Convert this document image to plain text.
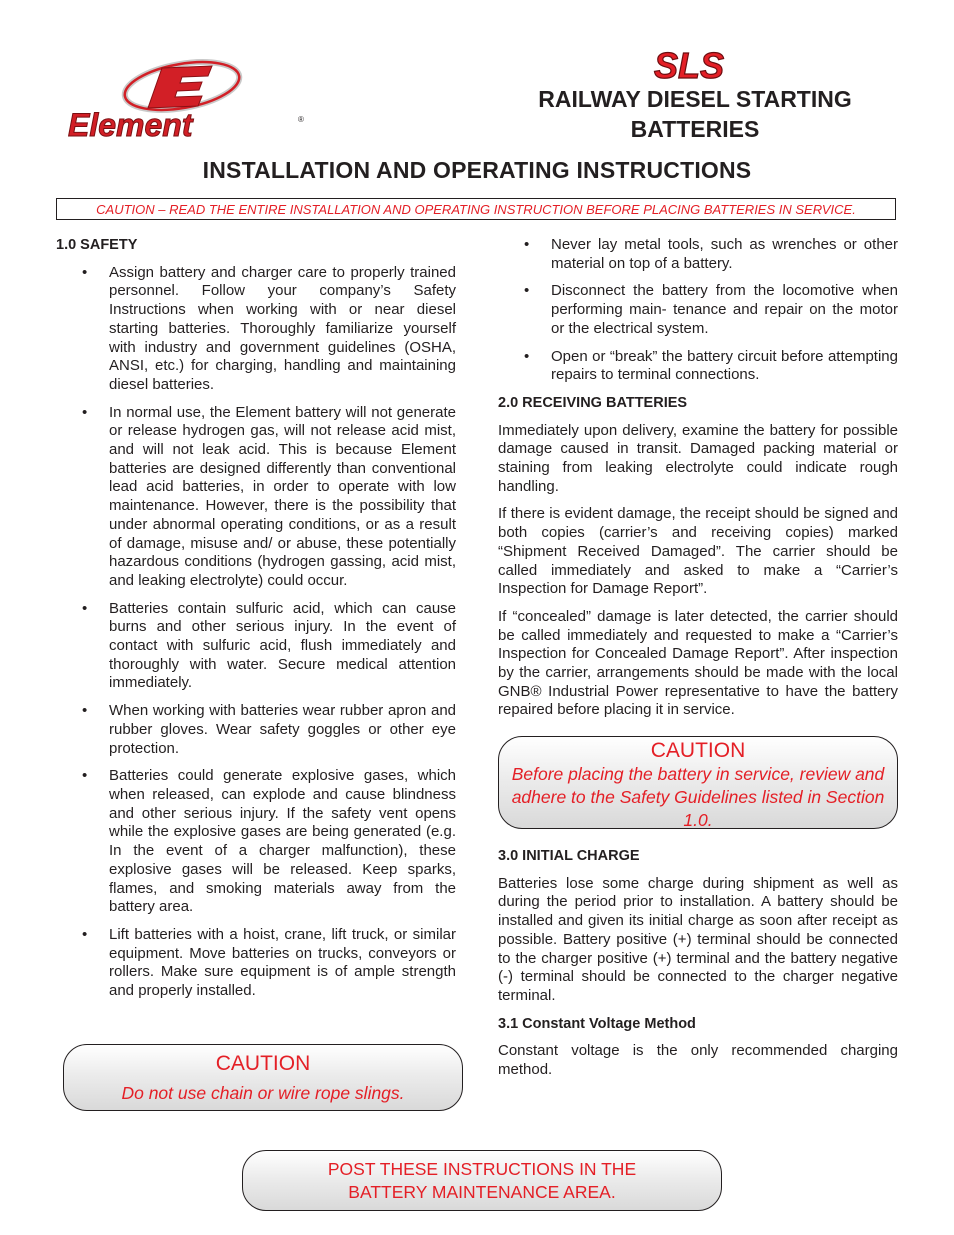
Element	®
SLS
RAILWAY DIESEL STARTING
BATTERIES
INSTALLATION AND OPERATING INSTRUCTIONS
CAUTION – READ THE ENTIRE INSTALLATION AND OPERATING INSTRUCTION BEFORE PLACING BATTERIES IN SERVICE.
1.0 SAFETY
• Assign battery and charger care to properly trained personnel. Follow your company’s Safety Instructions when working with or near diesel starting batteries. Thoroughly familiarize yourself with industry and government guidelines (OSHA, ANSI, etc.) for charging, handling and maintaining diesel batteries.
• In normal use, the Element battery will not generate or release hydrogen gas, will not release acid mist, and will not leak acid. This is because Element batteries are designed differently than conventional lead acid batteries, in order to operate with low maintenance. However, there is the possibility that under abnormal operating conditions, or as a result of damage, misuse and/ or abuse, these potentially hazardous conditions (hydrogen gassing, acid mist, and leaking electrolyte) could occur.
• Batteries contain sulfuric acid, which can cause burns and other serious injury. In the event of contact with sulfuric acid, flush immediately and thoroughly with water. Secure medical attention immediately.
• When working with batteries wear rubber apron and rubber gloves. Wear safety goggles or other eye protection.
• Batteries could generate explosive gases, which when released, can explode and cause blindness and other serious injury. If the safety vent opens while the explosive gases are being generated (e.g. In the event of a charger malfunction), these explosive gases will be released. Keep sparks, flames, and smoking materials away from the battery area.
• Lift batteries with a hoist, crane, lift truck, or similar equipment. Move batteries on trucks, conveyors or rollers. Make sure equipment is of ample strength and properly installed.
CAUTION
Do not use chain or wire rope slings.
• Never lay metal tools, such as wrenches or other material on top of a battery.
• Disconnect the battery from the locomotive when performing main- tenance and repair on the motor or the electrical system.
• Open or “break” the battery circuit before attempting repairs to terminal connections.
2.0 RECEIVING BATTERIES

Immediately upon delivery, examine the battery for possible damage caused in transit. Damaged packing material or staining from leaking electrolyte could indicate rough handling.

If there is evident damage, the receipt should be signed and both copies (carrier’s and receiving copies) marked “Shipment Received Damaged”. The carrier should be called immediately and asked to make a “Carrier’s Inspection for Damage Report”.

If “concealed” damage is later detected, the carrier should be called immediately and requested to make a “Carrier’s Inspection for Concealed Damage Report”. After inspection by the carrier, arrangements should be made with the local GNB® Industrial Power representative to have the battery repaired before placing it in service.

CAUTION
Before placing the battery in service, review and adhere to the Safety Guidelines listed in Section 1.0.
3.0 INITIAL CHARGE

Batteries lose some charge during shipment as well as during the period prior to installation. A battery should be installed and given its initial charge as soon after receipt as possible. Battery positive (+) terminal should be connected to the charger positive (+) terminal and the battery negative (-) terminal should be connected to the charger negative terminal.

3.1 Constant Voltage Method

Constant voltage is the only recommended charging method.

POST THESE INSTRUCTIONS IN THE
BATTERY MAINTENANCE AREA.
